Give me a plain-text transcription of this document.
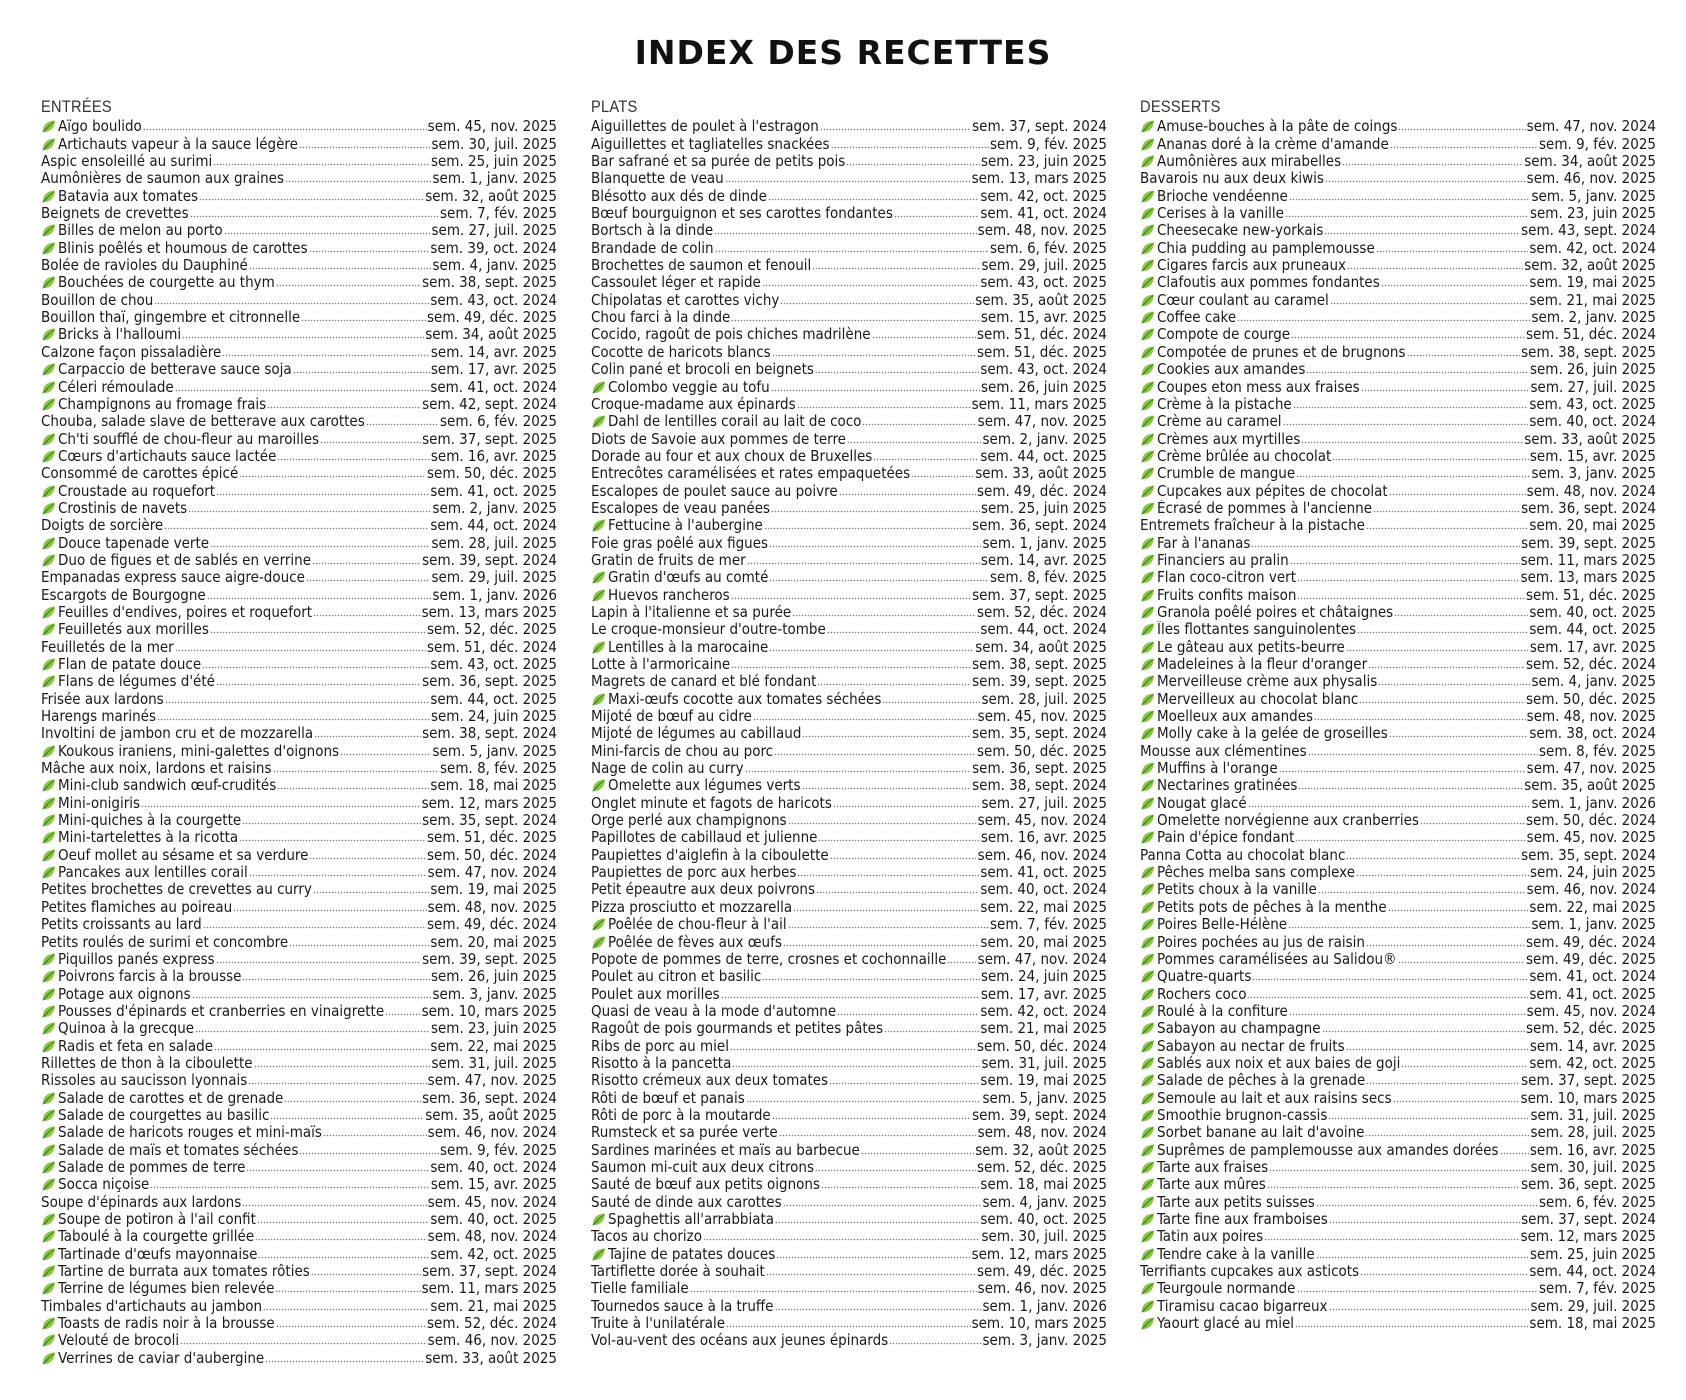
INDEX DES RECETTES
ENTRÉES
Aïgo boulido	sem. 45, nov. 2025
Artichauts vapeur à la sauce légère	sem. 30, juil. 2025
Aspic ensoleillé au surimi	sem. 25, juin 2025
Aumônières de saumon aux graines	sem. 1, janv. 2025
Batavia aux tomates	sem. 32, août 2025
Beignets de crevettes	sem. 7, fév. 2025
Billes de melon au porto	sem. 27, juil. 2025
Blinis poêlés et houmous de carottes	sem. 39, oct. 2024
Bolée de ravioles du Dauphiné	sem. 4, janv. 2025
Bouchées de courgette au thym	sem. 38, sept. 2025
Bouillon de chou	sem. 43, oct. 2024
Bouillon thaï, gingembre et citronnelle	sem. 49, déc. 2025
Bricks à l'halloumi	sem. 34, août 2025
Calzone façon pissaladière	sem. 14, avr. 2025
Carpaccio de betterave sauce soja	sem. 17, avr. 2025
Céleri rémoulade	sem. 41, oct. 2024
Champignons au fromage frais	sem. 42, sept. 2024
Chouba, salade slave de betterave aux carottes	sem. 6, fév. 2025
Ch'ti soufflé de chou-fleur au maroilles	sem. 37, sept. 2025
Cœurs d'artichauts sauce lactée	sem. 16, avr. 2025
Consommé de carottes épicé	sem. 50, déc. 2025
Croustade au roquefort	sem. 41, oct. 2025
Crostinis de navets	sem. 2, janv. 2025
Doigts de sorcière	sem. 44, oct. 2024
Douce tapenade verte	sem. 28, juil. 2025
Duo de figues et de sablés en verrine	sem. 39, sept. 2024
Empanadas express sauce aigre-douce	sem. 29, juil. 2025
Escargots de Bourgogne	sem. 1, janv. 2026
Feuilles d'endives, poires et roquefort	sem. 13, mars 2025
Feuilletés aux morilles	sem. 52, déc. 2025
Feuilletés de la mer	sem. 51, déc. 2024
Flan de patate douce	sem. 43, oct. 2025
Flans de légumes d'été	sem. 36, sept. 2025
Frisée aux lardons	sem. 44, oct. 2025
Harengs marinés	sem. 24, juin 2025
Involtini de jambon cru et de mozzarella	sem. 38, sept. 2024
Koukous iraniens, mini-galettes d'oignons	sem. 5, janv. 2025
Mâche aux noix, lardons et raisins	sem. 8, fév. 2025
Mini-club sandwich œuf-crudités	sem. 18, mai 2025
Mini-onigiris	sem. 12, mars 2025
Mini-quiches à la courgette	sem. 35, sept. 2024
Mini-tartelettes à la ricotta	sem. 51, déc. 2025
Oeuf mollet au sésame et sa verdure	sem. 50, déc. 2024
Pancakes aux lentilles corail	sem. 47, nov. 2024
Petites brochettes de crevettes au curry	sem. 19, mai 2025
Petites flamiches au poireau	sem. 48, nov. 2025
Petits croissants au lard	sem. 49, déc. 2024
Petits roulés de surimi et concombre	sem. 20, mai 2025
Piquillos panés express	sem. 39, sept. 2025
Poivrons farcis à la brousse	sem. 26, juin 2025
Potage aux oignons	sem. 3, janv. 2025
Pousses d'épinards et cranberries en vinaigrette sem. 10, mars 2025
Quinoa à la grecque	sem. 23, juin 2025
Radis et feta en salade	sem. 22, mai 2025
Rillettes de thon à la ciboulette	sem. 31, juil. 2025
Rissoles au saucisson lyonnais	sem. 47, nov. 2025
Salade de carottes et de grenade	sem. 36, sept. 2024
Salade de courgettes au basilic	sem. 35, août 2025
Salade de haricots rouges et mini-maïs	sem. 46, nov. 2024
Salade de maïs et tomates séchées	sem. 9, fév. 2025
Salade de pommes de terre	sem. 40, oct. 2024
Socca niçoise	sem. 15, avr. 2025
Soupe d'épinards aux lardons	sem. 45, nov. 2024
Soupe de potiron à l'ail confit	sem. 40, oct. 2025
Taboulé à la courgette grillée	sem. 48, nov. 2024
Tartinade d'œufs mayonnaise	sem. 42, oct. 2025
Tartine de burrata aux tomates rôties	sem. 37, sept. 2024
Terrine de légumes bien relevée	sem. 11, mars 2025
Timbales d'artichauts au jambon	sem. 21, mai 2025
Toasts de radis noir à la brousse	sem. 52, déc. 2024
Velouté de brocoli	sem. 46, nov. 2025
Verrines de caviar d'aubergine	sem. 33, août 2025
PLATS
Aiguillettes de poulet à l'estragon	sem. 37, sept. 2024
Aiguillettes et tagliatelles snackées	sem. 9, fév. 2025
Bar safrané et sa purée de petits pois	sem. 23, juin 2025
Blanquette de veau	sem. 13, mars 2025
Blésotto aux dés de dinde	sem. 42, oct. 2025
Bœuf bourguignon et ses carottes fondantes	sem. 41, oct. 2024
Bortsch à la dinde	sem. 48, nov. 2025
Brandade de colin	sem. 6, fév. 2025
Brochettes de saumon et fenouil	sem. 29, juil. 2025
Cassoulet léger et rapide	sem. 43, oct. 2025
Chipolatas et carottes vichy	sem. 35, août 2025
Chou farci à la dinde	sem. 15, avr. 2025
Cocido, ragoût de pois chiches madrilène	sem. 51, déc. 2024
Cocotte de haricots blancs	sem. 51, déc. 2025
Colin pané et brocoli en beignets	sem. 43, oct. 2024
Colombo veggie au tofu	sem. 26, juin 2025
Croque-madame aux épinards	sem. 11, mars 2025
Dahl de lentilles corail au lait de coco	sem. 47, nov. 2025
Diots de Savoie aux pommes de terre	sem. 2, janv. 2025
Dorade au four et aux choux de Bruxelles	sem. 44, oct. 2025
Entrecôtes caramélisées et rates empaquetées	sem. 33, août 2025
Escalopes de poulet sauce au poivre	sem. 49, déc. 2024
Escalopes de veau panées	sem. 25, juin 2025
Fettucine à l'aubergine	sem. 36, sept. 2024
Foie gras poêlé aux figues	sem. 1, janv. 2025
Gratin de fruits de mer	sem. 14, avr. 2025
Gratin d'œufs au comté	sem. 8, fév. 2025
Huevos rancheros	sem. 37, sept. 2025
Lapin à l'italienne et sa purée	sem. 52, déc. 2024
Le croque-monsieur d'outre-tombe	sem. 44, oct. 2024
Lentilles à la marocaine	sem. 34, août 2025
Lotte à l'armoricaine	sem. 38, sept. 2025
Magrets de canard et blé fondant	sem. 39, sept. 2025
Maxi-œufs cocotte aux tomates séchées	sem. 28, juil. 2025
Mijoté de bœuf au cidre	sem. 45, nov. 2025
Mijoté de légumes au cabillaud	sem. 35, sept. 2024
Mini-farcis de chou au porc	sem. 50, déc. 2025
Nage de colin au curry	sem. 36, sept. 2025
Omelette aux légumes verts	sem. 38, sept. 2024
Onglet minute et fagots de haricots	sem. 27, juil. 2025
Orge perlé aux champignons	sem. 45, nov. 2024
Papillotes de cabillaud et julienne	sem. 16, avr. 2025
Paupiettes d'aiglefin à la ciboulette	sem. 46, nov. 2024
Paupiettes de porc aux herbes	sem. 41, oct. 2025
Petit épeautre aux deux poivrons	sem. 40, oct. 2024
Pizza prosciutto et mozzarella	sem. 22, mai 2025
Poêlée de chou-fleur à l'ail	sem. 7, fév. 2025
Poêlée de fèves aux œufs	sem. 20, mai 2025
Popote de pommes de terre, crosnes et cochonnaille sem. 47, nov. 2024
Poulet au citron et basilic	sem. 24, juin 2025
Poulet aux morilles	sem. 17, avr. 2025
Quasi de veau à la mode d'automne	sem. 42, oct. 2024
Ragoût de pois gourmands et petites pâtes	sem. 21, mai 2025
Ribs de porc au miel	sem. 50, déc. 2024
Risotto à la pancetta	sem. 31, juil. 2025
Risotto crémeux aux deux tomates	sem. 19, mai 2025
Rôti de bœuf et panais	sem. 5, janv. 2025
Rôti de porc à la moutarde	sem. 39, sept. 2024
Rumsteck et sa purée verte	sem. 48, nov. 2024
Sardines marinées et maïs au barbecue	sem. 32, août 2025
Saumon mi-cuit aux deux citrons	sem. 52, déc. 2025
Sauté de bœuf aux petits oignons	sem. 18, mai 2025
Sauté de dinde aux carottes	sem. 4, janv. 2025
Spaghettis all'arrabbiata	sem. 40, oct. 2025
Tacos au chorizo	sem. 30, juil. 2025
Tajine de patates douces	sem. 12, mars 2025
Tartiflette dorée à souhait	sem. 49, déc. 2025
Tielle familiale	sem. 46, nov. 2025
Tournedos sauce à la truffe	sem. 1, janv. 2026
Truite à l'unilatérale	sem. 10, mars 2025
Vol-au-vent des océans aux jeunes épinards	sem. 3, janv. 2025
DESSERTS
Amuse-bouches à la pâte de coings	sem. 47, nov. 2024
Ananas doré à la crème d'amande	sem. 9, fév. 2025
Aumônières aux mirabelles	sem. 34, août 2025
Bavarois nu aux deux kiwis	sem. 46, nov. 2025
Brioche vendéenne	sem. 5, janv. 2025
Cerises à la vanille	sem. 23, juin 2025
Cheesecake new-yorkais	sem. 43, sept. 2024
Chia pudding au pamplemousse	sem. 42, oct. 2024
Cigares farcis aux pruneaux	sem. 32, août 2025
Clafoutis aux pommes fondantes	sem. 19, mai 2025
Cœur coulant au caramel	sem. 21, mai 2025
Coffee cake	sem. 2, janv. 2025
Compote de courge	sem. 51, déc. 2024
Compotée de prunes et de brugnons	sem. 38, sept. 2025
Cookies aux amandes	sem. 26, juin 2025
Coupes eton mess aux fraises	sem. 27, juil. 2025
Crème à la pistache	sem. 43, oct. 2025
Crème au caramel	sem. 40, oct. 2024
Crèmes aux myrtilles	sem. 33, août 2025
Crème brûlée au chocolat	sem. 15, avr. 2025
Crumble de mangue	sem. 3, janv. 2025
Cupcakes aux pépites de chocolat	sem. 48, nov. 2024
Écrasé de pommes à l'ancienne	sem. 36, sept. 2024
Entremets fraîcheur à la pistache	sem. 20, mai 2025
Far à l'ananas	sem. 39, sept. 2025
Financiers au pralin	sem. 11, mars 2025
Flan coco-citron vert	sem. 13, mars 2025
Fruits confits maison	sem. 51, déc. 2025
Granola poêlé poires et châtaignes	sem. 40, oct. 2025
Îles flottantes sanguinolentes	sem. 44, oct. 2025
Le gâteau aux petits-beurre	sem. 17, avr. 2025
Madeleines à la fleur d'oranger	sem. 52, déc. 2024
Merveilleuse crème aux physalis	sem. 4, janv. 2025
Merveilleux au chocolat blanc	sem. 50, déc. 2025
Moelleux aux amandes	sem. 48, nov. 2025
Molly cake à la gelée de groseilles	sem. 38, oct. 2024
Mousse aux clémentines	sem. 8, fév. 2025
Muffins à l'orange	sem. 47, nov. 2025
Nectarines gratinées	sem. 35, août 2025
Nougat glacé	sem. 1, janv. 2026
Omelette norvégienne aux cranberries	sem. 50, déc. 2024
Pain d'épice fondant	sem. 45, nov. 2025
Panna Cotta au chocolat blanc	sem. 35, sept. 2024
Pêches melba sans complexe	sem. 24, juin 2025
Petits choux à la vanille	sem. 46, nov. 2024
Petits pots de pêches à la menthe	sem. 22, mai 2025
Poires Belle-Hélène	sem. 1, janv. 2025
Poires pochées au jus de raisin	sem. 49, déc. 2024
Pommes caramélisées au Salidou®	sem. 49, déc. 2025
Quatre-quarts	sem. 41, oct. 2024
Rochers coco	sem. 41, oct. 2025
Roulé à la confiture	sem. 45, nov. 2024
Sabayon au champagne	sem. 52, déc. 2025
Sabayon au nectar de fruits	sem. 14, avr. 2025
Sablés aux noix et aux baies de goji	sem. 42, oct. 2025
Salade de pêches à la grenade	sem. 37, sept. 2025
Semoule au lait et aux raisins secs	sem. 10, mars 2025
Smoothie brugnon-cassis	sem. 31, juil. 2025
Sorbet banane au lait d'avoine	sem. 28, juil. 2025
Suprêmes de pamplemousse aux amandes dorées sem. 16, avr. 2025
Tarte aux fraises	sem. 30, juil. 2025
Tarte aux mûres	sem. 36, sept. 2025
Tarte aux petits suisses	sem. 6, fév. 2025
Tarte fine aux framboises	sem. 37, sept. 2024
Tatin aux poires	sem. 12, mars 2025
Tendre cake à la vanille	sem. 25, juin 2025
Terrifiants cupcakes aux asticots	sem. 44, oct. 2024
Teurgoule normande	sem. 7, fév. 2025
Tiramisu cacao bigarreux	sem. 29, juil. 2025
Yaourt glacé au miel	sem. 18, mai 2025
